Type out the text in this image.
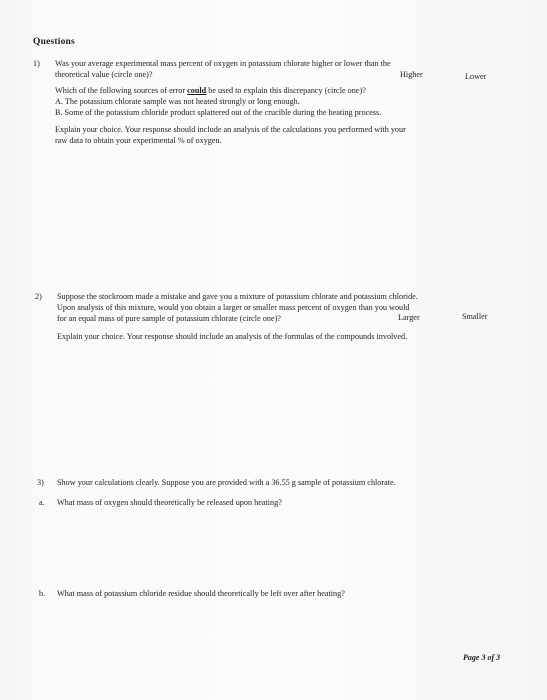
Questions
1) Was your average experimental mass percent of oxygen in potassium chlorate higher or lower than the
theoretical value (circle one)?	Higher	Lower
Which of the following sources of error could be used to explain this discrepancy (circle one)?
A. The potassium chlorate sample was not heated strongly or long enough.
B. Some of the potassium chloride product splattered out of the crucible during the heating process.
Explain your choice. Your response should include an analysis of the calculations you performed with your
raw data to obtain your experimental % of oxygen.
2) Suppose the stockroom made a mistake and gave you a mixture of potassium chlorate and potassium chloride.
Upon analysis of this mixture, would you obtain a larger or smaller mass percent of oxygen than you would
for an equal mass of pure sample of potassium chlorate (circle one)?	Larger	Smaller
Explain your choice. Your response should include an analysis of the formulas of the compounds involved.
3) Show your calculations clearly. Suppose you are provided with a 36.55 g sample of potassium chlorate.
a. What mass of oxygen should theoretically be released upon heating?
b. What mass of potassium chloride residue should theoretically be left over after heating?
Page 3 of 3
